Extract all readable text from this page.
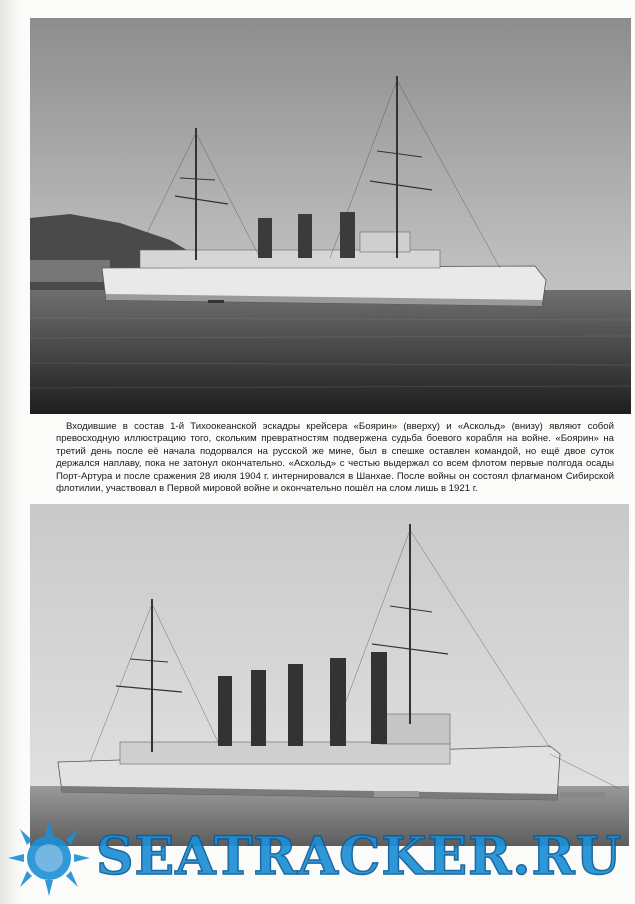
Входившие в состав 1-й Тихоокеанской эскадры крейсера «Боярин» (вверху) и «Аскольд» (внизу) являют собой превосходную иллюстрацию того, скольким превратностям подвержена судьба боевого корабля на войне. «Боярин» на третий день после её начала подорвался на русской же мине, был в спешке оставлен командой, но ещё двое суток держался наплаву, пока не затонул окончательно. «Аскольд» с честью выдержал со всем флотом первые полгода осады Порт-Артура и после сражения 28 июля 1904 г. интернировался в Шанхае. После войны он состоял флагманом Сибирской флотилии, участвовал в Первой мировой войне и окончательно пошёл на слом лишь в 1921 г.
SEATRACKER.RU
